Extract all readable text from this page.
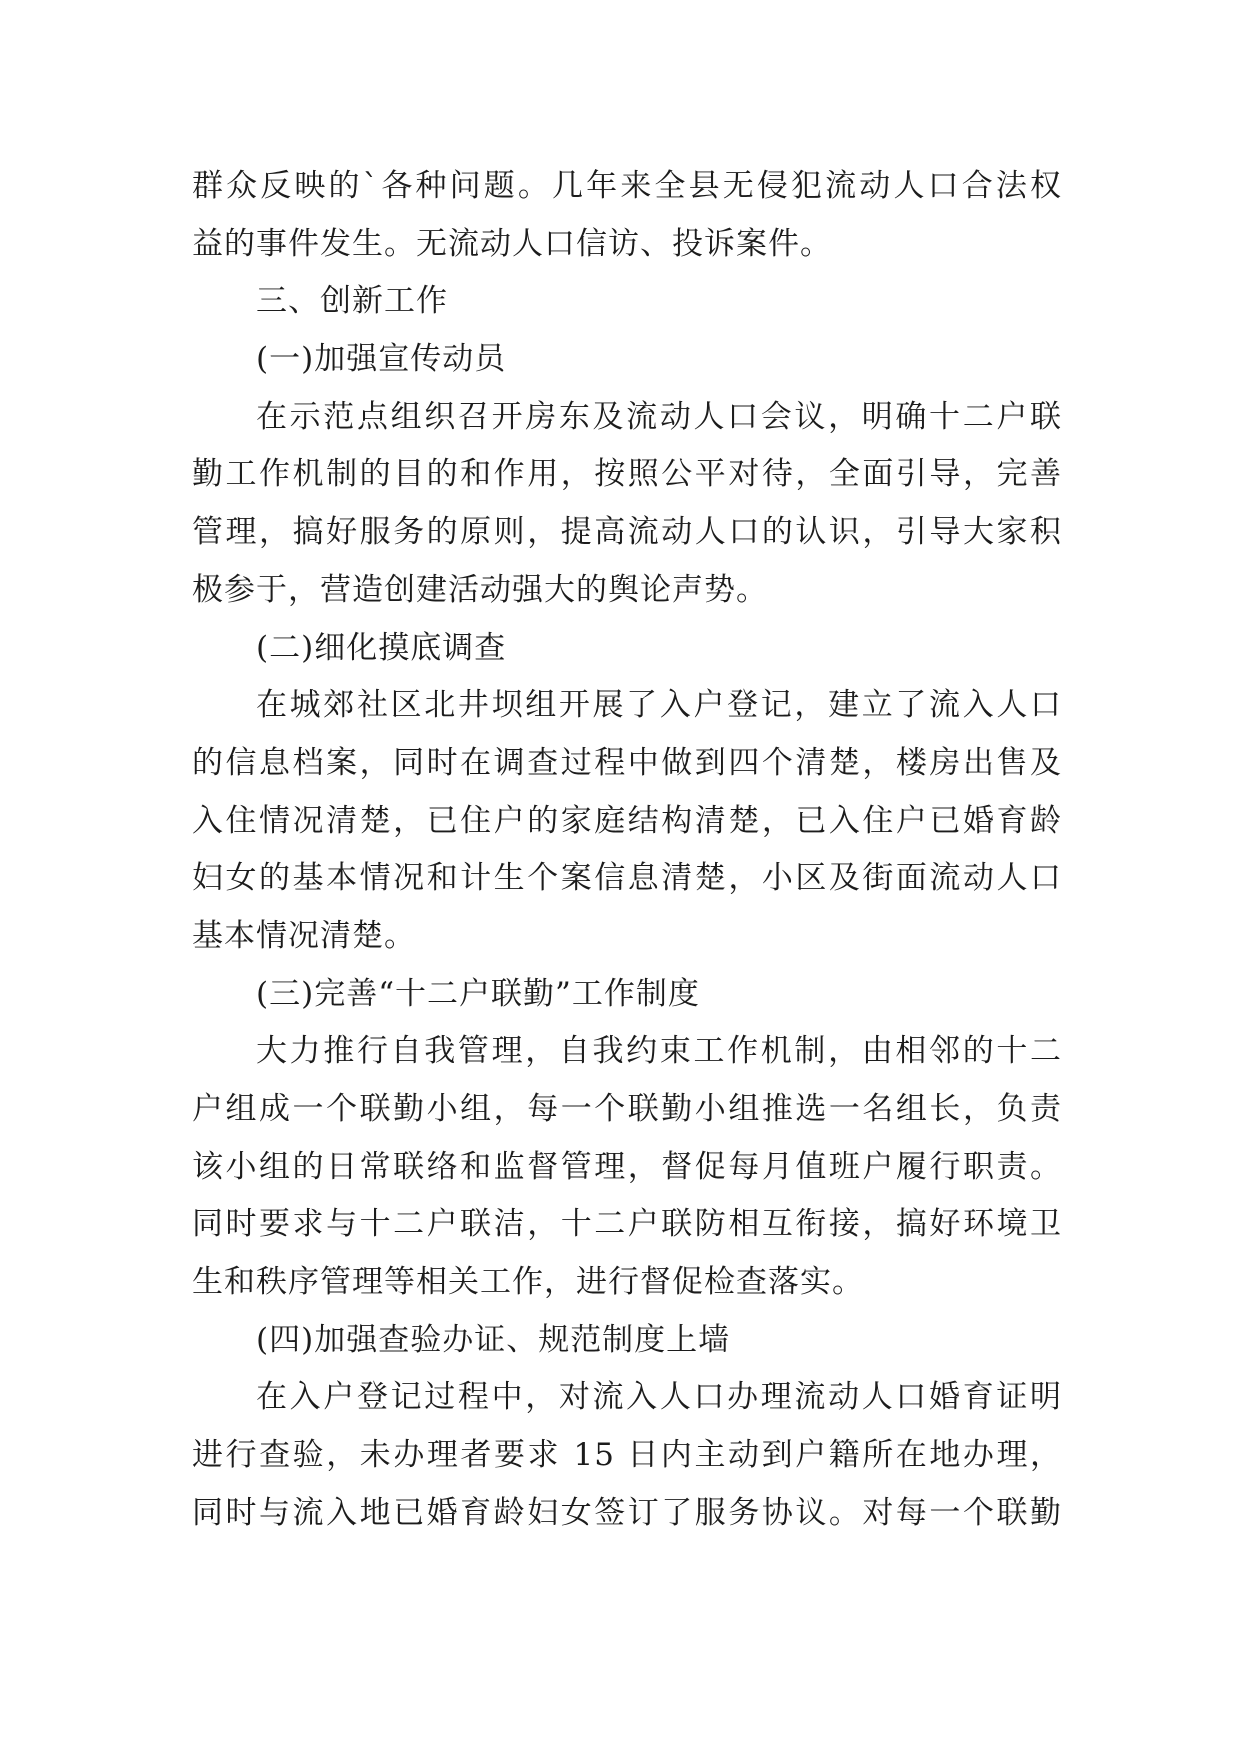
群众反映的`各种问题。几年来全县无侵犯流动人口合法权
益的事件发生。无流动人口信访、投诉案件。
三、创新工作
(一)加强宣传动员
在示范点组织召开房东及流动人口会议，明确十二户联
勤工作机制的目的和作用，按照公平对待，全面引导，完善
管理，搞好服务的原则，提高流动人口的认识，引导大家积
极参于，营造创建活动强大的舆论声势。
(二)细化摸底调查
在城郊社区北井坝组开展了入户登记，建立了流入人口
的信息档案，同时在调查过程中做到四个清楚，楼房出售及
入住情况清楚，已住户的家庭结构清楚，已入住户已婚育龄
妇女的基本情况和计生个案信息清楚，小区及街面流动人口
基本情况清楚。
(三)完善“十二户联勤”工作制度
大力推行自我管理，自我约束工作机制，由相邻的十二
户组成一个联勤小组，每一个联勤小组推选一名组长，负责
该小组的日常联络和监督管理，督促每月值班户履行职责。
同时要求与十二户联洁，十二户联防相互衔接，搞好环境卫
生和秩序管理等相关工作，进行督促检查落实。
(四)加强查验办证、规范制度上墙
在入户登记过程中，对流入人口办理流动人口婚育证明
进行查验，未办理者要求 15 日内主动到户籍所在地办理，
同时与流入地已婚育龄妇女签订了服务协议。对每一个联勤
